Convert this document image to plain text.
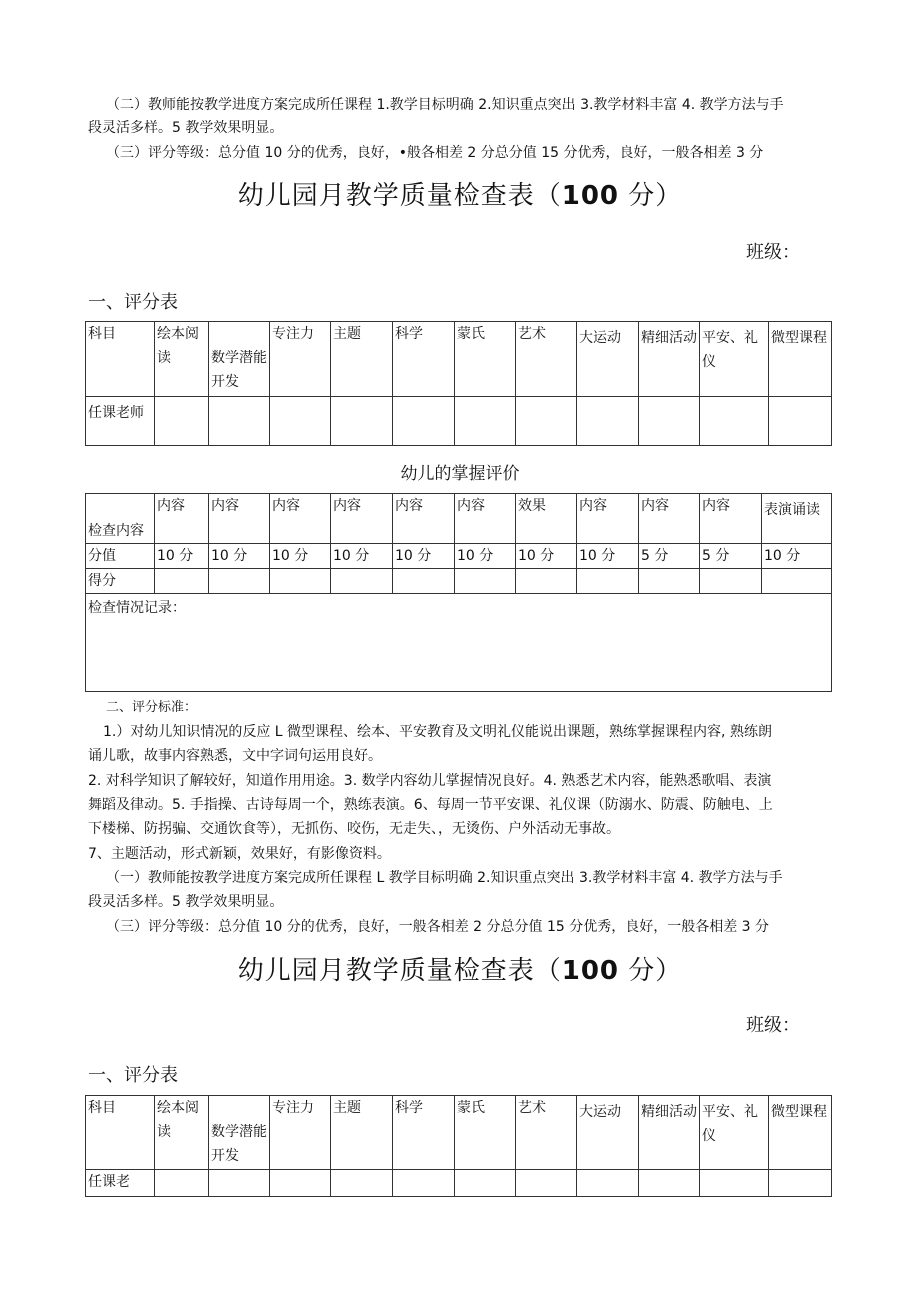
（二）教师能按教学进度方案完成所任课程 1.教学目标明确 2.知识重点突出 3.教学材料丰富 4. 教学方法与手
段灵活多样。5 教学效果明显。
（三）评分等级：总分值 10 分的优秀，良好，•般各相差 2 分总分值 15 分优秀，良好，一般各相差 3 分
幼儿园月教学质量检查表（100 分）
班级：
一、评分表
科目	绘本阅读	数学潜能开发	专注力	主题	科学	蒙氏	艺术	大运动	精细活动	平安、礼仪	微型课程
任课老师											
幼儿的掌握评价
检查内容	内容	内容	内容	内容	内容	内容	效果	内容	内容	内容	表演诵读
分值	10 分	10 分	10 分	10 分	10 分	10 分	10 分	10 分	5 分	5 分	10 分
得分											
检查情况记录：											
二、评分标准：
1.）对幼儿知识情况的反应 L 微型课程、绘本、平安教育及文明礼仪能说出课题，熟练掌握课程内容, 熟练朗
诵儿歌，故事内容熟悉，文中字词句运用良好。
2. 对科学知识了解较好，知道作用用途。3. 数学内容幼儿掌握情况良好。4. 熟悉艺术内容，能熟悉歌唱、表演
舞蹈及律动。5. 手指操、古诗每周一个，熟练表演。6、每周一节平安课、礼仪课（防溺水、防震、防触电、上
下楼梯、防拐骗、交通饮食等），无抓伤、咬伤，无走失、，无烫伤、户外活动无事故。
7、主题活动，形式新颖，效果好，有影像资料。
（一）教师能按教学进度方案完成所任课程 L 教学目标明确 2.知识重点突出 3.教学材料丰富 4. 教学方法与手
段灵活多样。5 教学效果明显。
（三）评分等级：总分值 10 分的优秀，良好，一般各相差 2 分总分值 15 分优秀，良好，一般各相差 3 分
幼儿园月教学质量检查表（100 分）
班级：
一、评分表
科目	绘本阅读	数学潜能开发	专注力	主题	科学	蒙氏	艺术	大运动	精细活动	平安、礼仪	微型课程
任课老											
